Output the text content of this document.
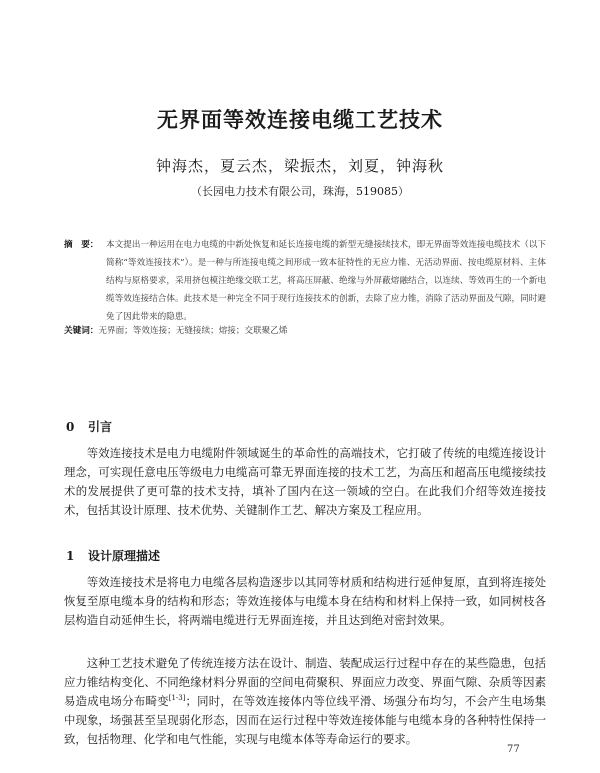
无界面等效连接电缆工艺技术
钟海杰，夏云杰，梁振杰，刘夏，钟海秋
（长园电力技术有限公司，珠海，519085）
摘　要： 本文提出一种运用在电力电缆的中新处恢复和延长连接电缆的新型无缝接续技术，即无界面等效连接电缆技术（以下简称“等效连接技术”）。是一种与所连接电缆之间形成一致本征特性的无应力锥、无活动界面、按电缆原材料、主体结构与原格要求，采用挤包模注绝缘交联工艺，将高压屏蔽、绝缘与外屏蔽熔融结合，以连续、等效再生的一个新电缆等效连接结合体。此技术是一种完全不同于现行连接技术的创新，去除了应力锥，消除了活动界面及气隙，同时避免了因此带来的隐患。
关键词：无界面；等效连接；无缝接续；熔接；交联聚乙烯
0 引言
等效连接技术是电力电缆附件领域诞生的革命性的高端技术，它打破了传统的电缆连接设计理念，可实现任意电压等级电力电缆高可靠无界面连接的技术工艺，为高压和超高压电缆接续技术的发展提供了更可靠的技术支持，填补了国内在这一领域的空白。在此我们介绍等效连接技术，包括其设计原理、技术优势、关键制作工艺、解决方案及工程应用。
1 设计原理描述
等效连接技术是将电力电缆各层构造逐步以其同等材质和结构进行延伸复原，直到将连接处恢复至原电缆本身的结构和形态；等效连接体与电缆本身在结构和材料上保持一致，如同树枝各层构造自动延伸生长，将两端电缆进行无界面连接，并且达到绝对密封效果。
这种工艺技术避免了传统连接方法在设计、制造、装配成运行过程中存在的某些隐患，包括应力锥结构变化、不同绝缘材料分界面的空间电荷聚积、界面应力改变、界面气隙、杂质等因素易造成电场分布畸变[1-3]；同时，在等效连接体内等位线平滑、场强分布均匀，不会产生电场集中现象，场强甚至呈现弱化形态，因而在运行过程中等效连接体能与电缆本身的各种特性保持一致，包括物理、化学和电气性能，实现与电缆本体等寿命运行的要求。
77
